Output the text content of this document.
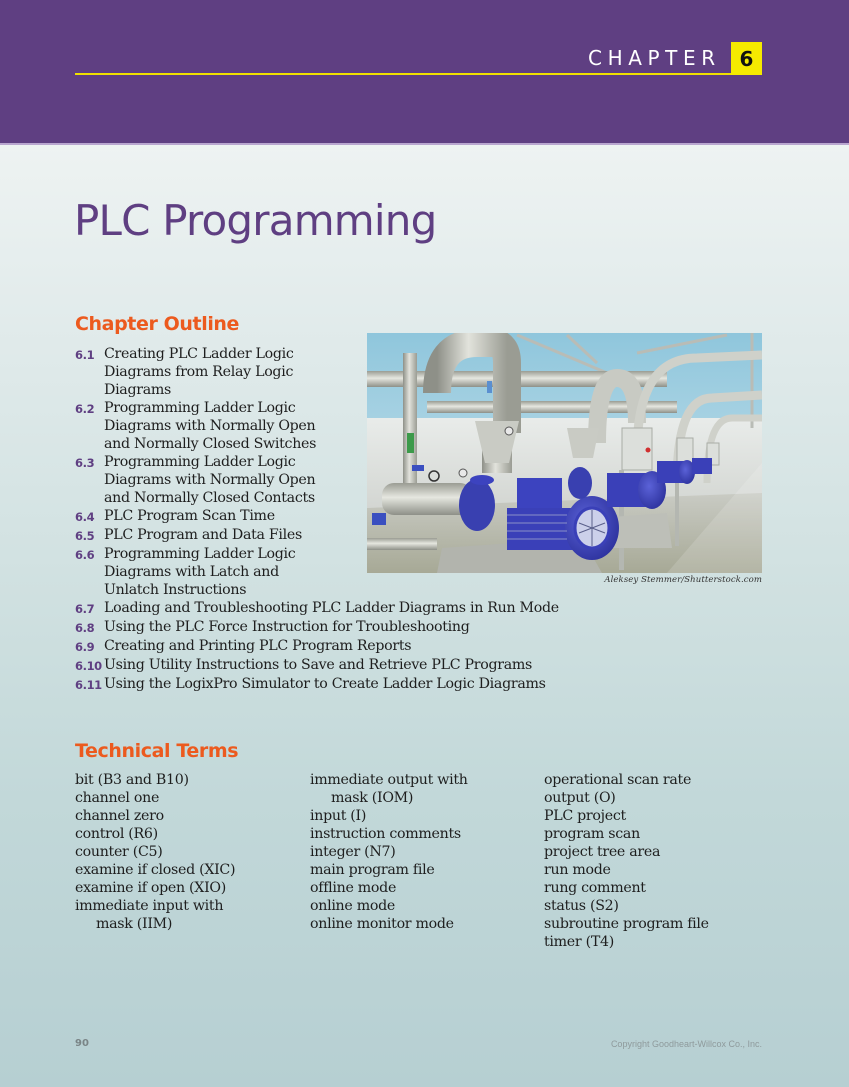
CHAPTER 6
PLC Programming
Chapter Outline
6.1 Creating PLC Ladder Logic
Diagrams from Relay Logic
Diagrams
6.2 Programming Ladder Logic
Diagrams with Normally Open
and Normally Closed Switches
6.3 Programming Ladder Logic
Diagrams with Normally Open
and Normally Closed Contacts
6.4 PLC Program Scan Time
6.5 PLC Program and Data Files
6.6 Programming Ladder Logic
Diagrams with Latch and
Unlatch Instructions
6.7 Loading and Troubleshooting PLC Ladder Diagrams in Run Mode
6.8 Using the PLC Force Instruction for Troubleshooting
6.9 Creating and Printing PLC Program Reports
6.10 Using Utility Instructions to Save and Retrieve PLC Programs
6.11 Using the LogixPro Simulator to Create Ladder Logic Diagrams
Aleksey Stemmer/Shutterstock.com
Technical Terms
bit (B3 and B10)
channel one
channel zero
control (R6)
counter (C5)
examine if closed (XIC)
examine if open (XIO)
immediate input with
mask (IIM)
immediate output with
mask (IOM)
input (I)
instruction comments
integer (N7)
main program file
offline mode
online mode
online monitor mode
operational scan rate
output (O)
PLC project
program scan
project tree area
run mode
rung comment
status (S2)
subroutine program file
timer (T4)
90	Copyright Goodheart-Willcox Co., Inc.
